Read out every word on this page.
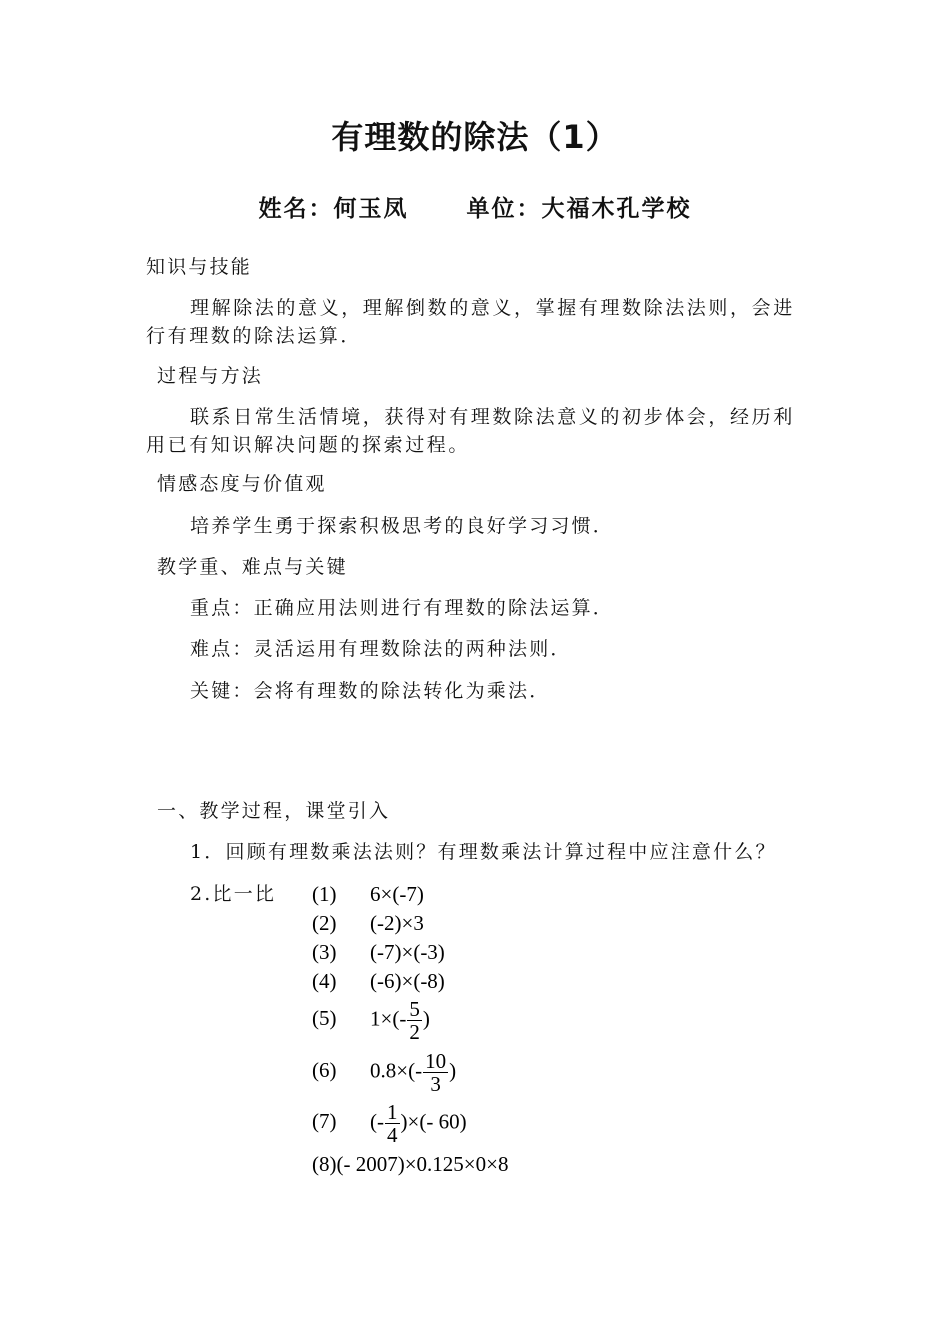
有理数的除法（1）
姓名：何玉凤	单位：大福木孔学校
知识与技能
理解除法的意义，理解倒数的意义，掌握有理数除法法则，会进行有理数的除法运算．
过程与方法
联系日常生活情境，获得对有理数除法意义的初步体会，经历利用已有知识解决问题的探索过程。
情感态度与价值观
培养学生勇于探索积极思考的良好学习习惯．
教学重、难点与关键
重点：正确应用法则进行有理数的除法运算．
难点：灵活运用有理数除法的两种法则．
关键：会将有理数的除法转化为乘法．
一、教学过程，课堂引入
1．回顾有理数乘法法则？有理数乘法计算过程中应注意什么？
2.比一比 (1) 6×(-7)
(2) (-2)×3
(3) (-7)×(-3)
(4) (-6)×(-8)
(5) $1\times(- \frac{5}{2}$ )
(6) $0.8\times(- \frac{10}{3}$ )
(7) (- $\frac{1}{4}$ )×(- 60)
(8)(- 2007)×0.125×0×8
